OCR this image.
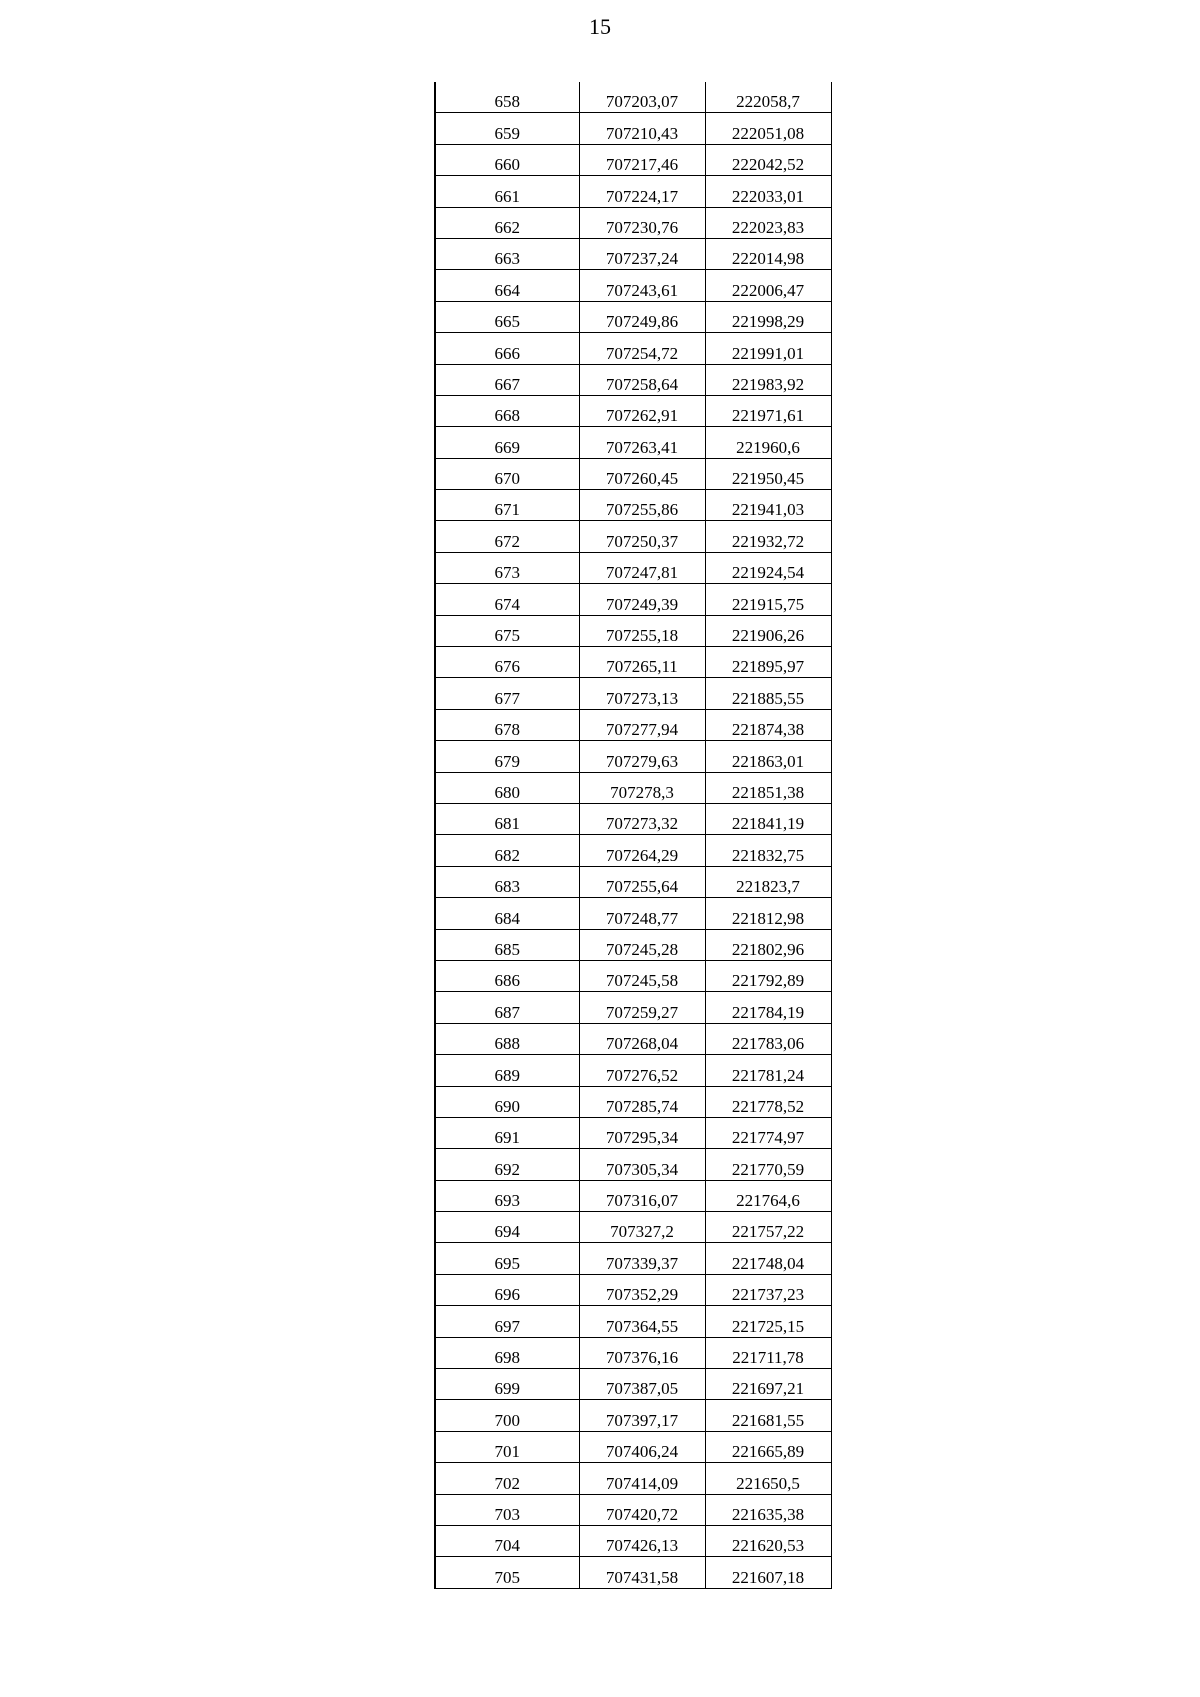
15
658	707203,07	222058,7
659	707210,43	222051,08
660	707217,46	222042,52
661	707224,17	222033,01
662	707230,76	222023,83
663	707237,24	222014,98
664	707243,61	222006,47
665	707249,86	221998,29
666	707254,72	221991,01
667	707258,64	221983,92
668	707262,91	221971,61
669	707263,41	221960,6
670	707260,45	221950,45
671	707255,86	221941,03
672	707250,37	221932,72
673	707247,81	221924,54
674	707249,39	221915,75
675	707255,18	221906,26
676	707265,11	221895,97
677	707273,13	221885,55
678	707277,94	221874,38
679	707279,63	221863,01
680	707278,3	221851,38
681	707273,32	221841,19
682	707264,29	221832,75
683	707255,64	221823,7
684	707248,77	221812,98
685	707245,28	221802,96
686	707245,58	221792,89
687	707259,27	221784,19
688	707268,04	221783,06
689	707276,52	221781,24
690	707285,74	221778,52
691	707295,34	221774,97
692	707305,34	221770,59
693	707316,07	221764,6
694	707327,2	221757,22
695	707339,37	221748,04
696	707352,29	221737,23
697	707364,55	221725,15
698	707376,16	221711,78
699	707387,05	221697,21
700	707397,17	221681,55
701	707406,24	221665,89
702	707414,09	221650,5
703	707420,72	221635,38
704	707426,13	221620,53
705	707431,58	221607,18
